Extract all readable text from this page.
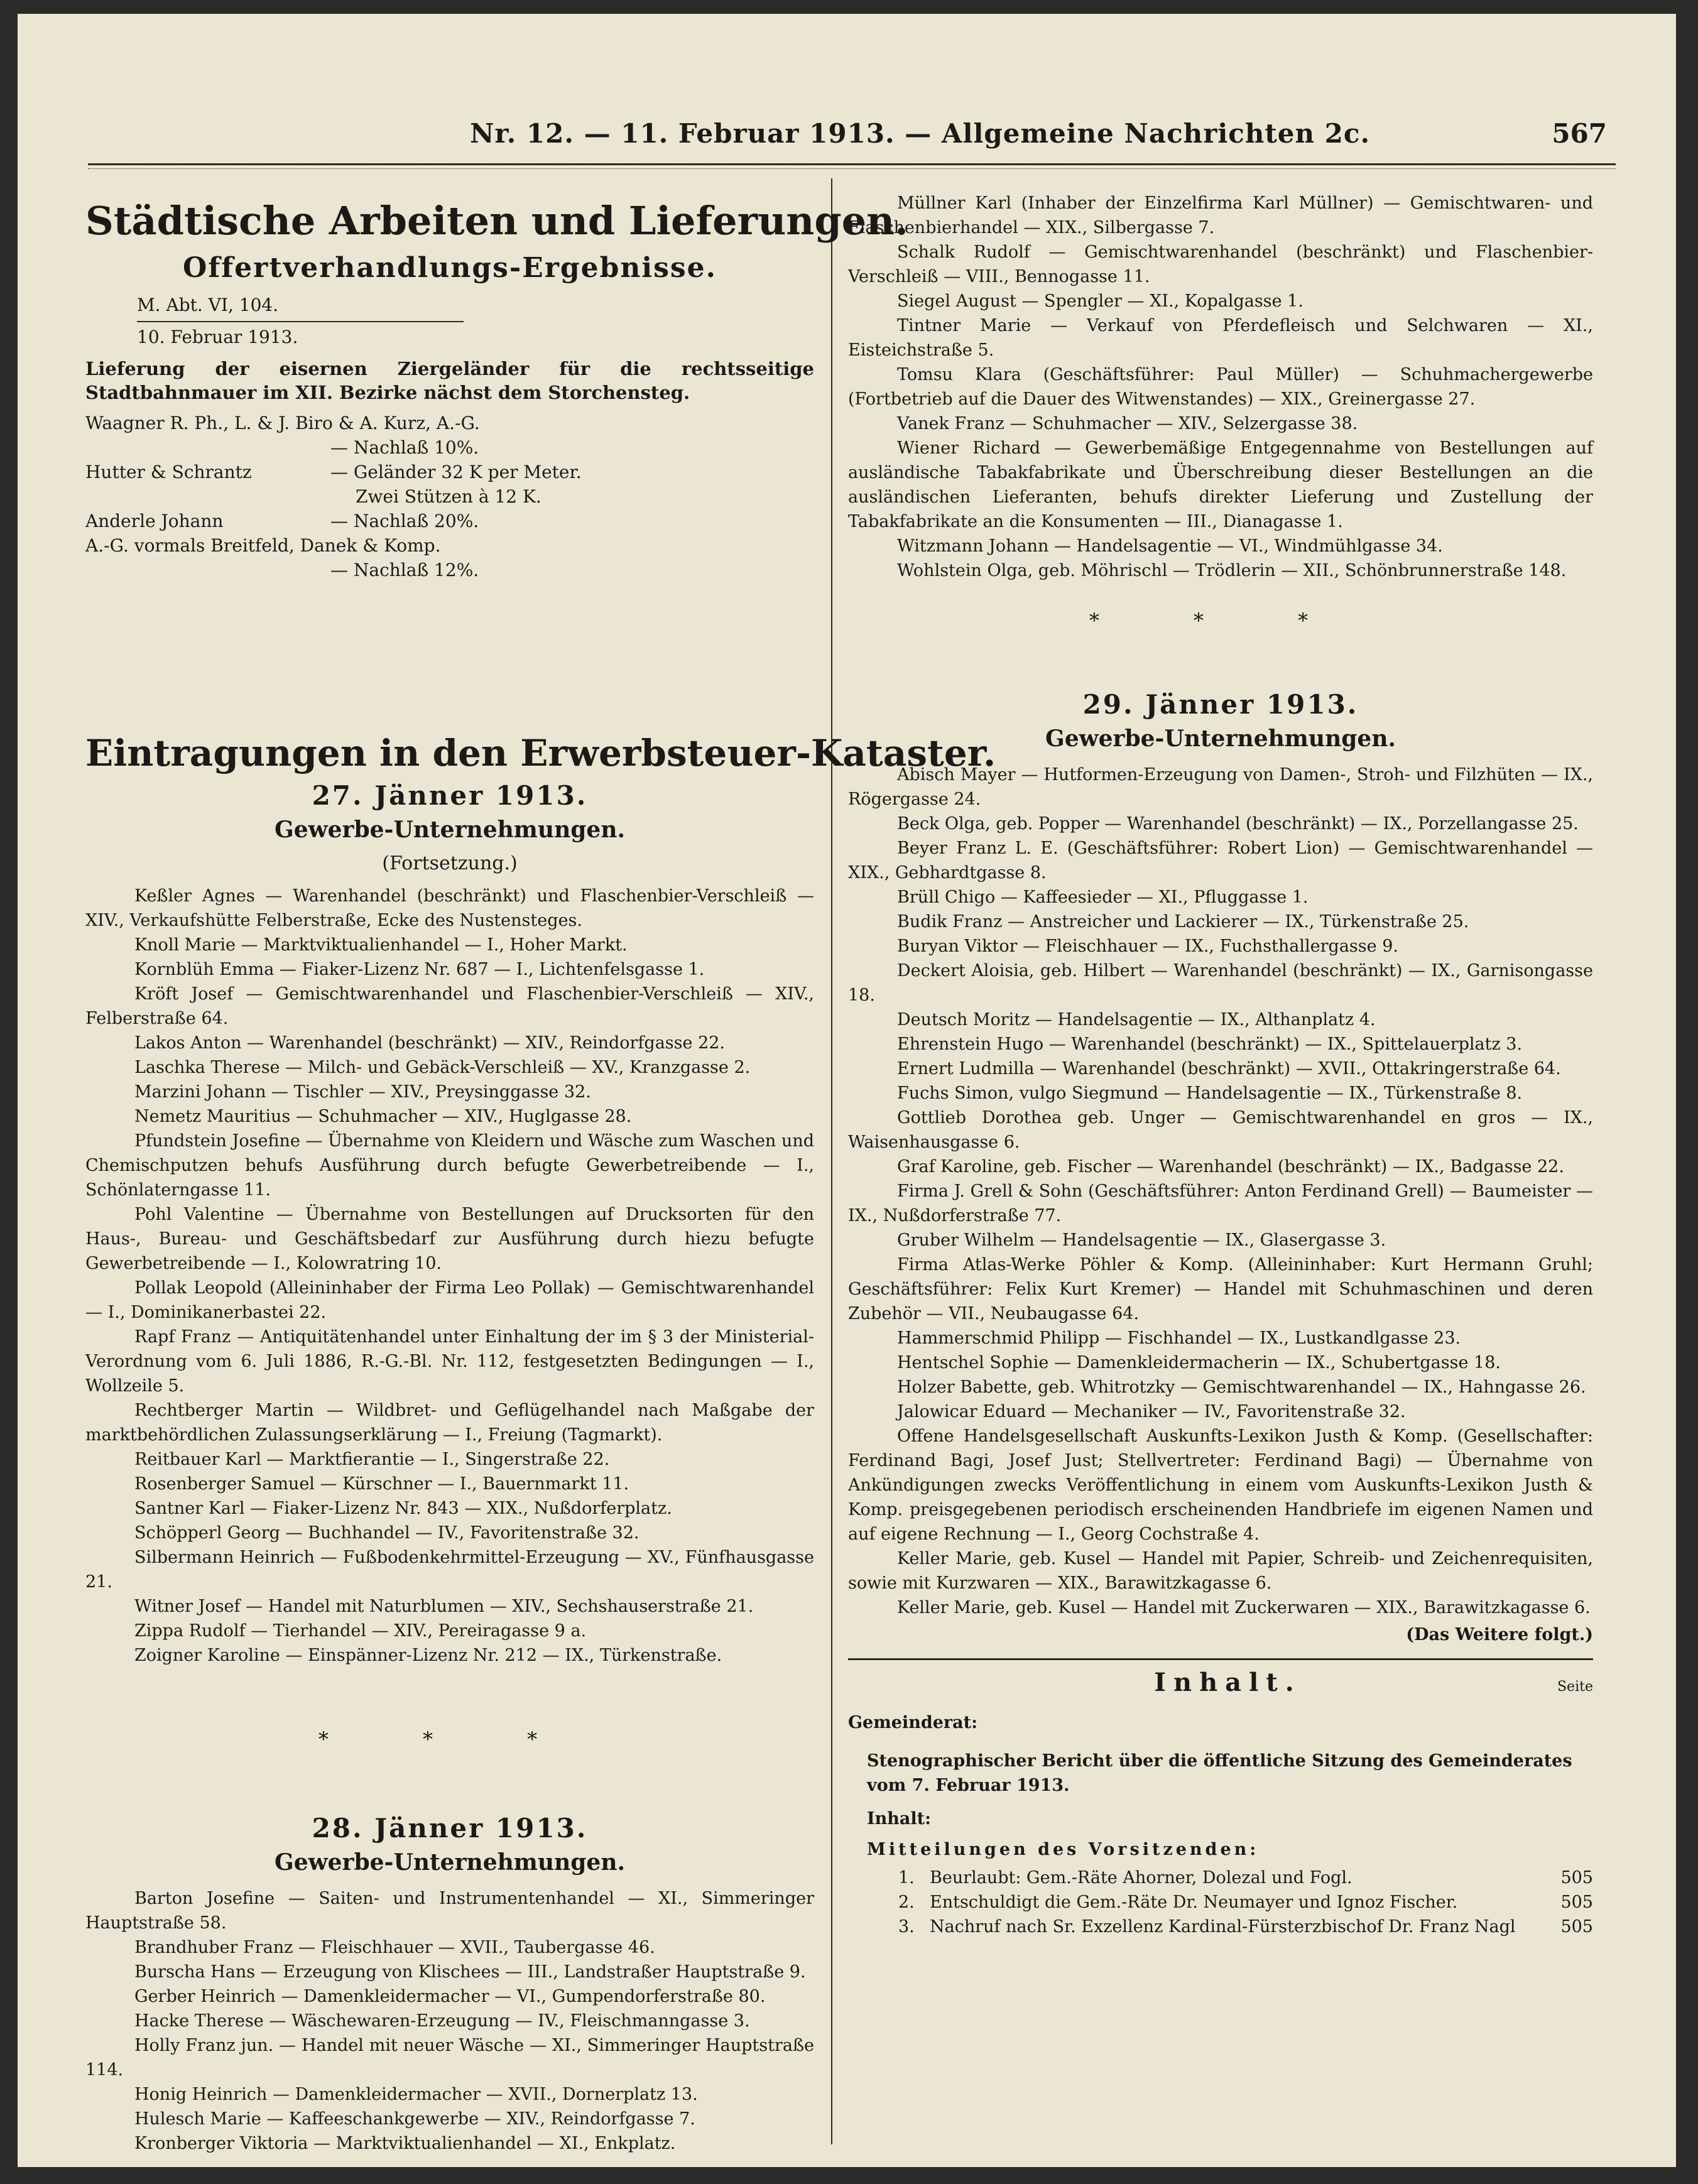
Nr. 12. — 11. Februar 1913. — Allgemeine Nachrichten 2c.	567
Städtische Arbeiten und Lieferungen.
Offertverhandlungs-Ergebnisse.

M. Abt. VI, 104.

10. Februar 1913.

Lieferung der eisernen Ziergeländer für die rechtsseitige Stadtbahnmauer im XII. Bezirke nächst dem Storchensteg.

Waagner R. Ph., L. & J. Biro & A. Kurz, A.-G.
— Nachlaß 10%.
Hutter & Schrantz	— Geländer 32 K per Meter.
Zwei Stützen à 12 K.
Anderle Johann	— Nachlaß 20%.
A.-G. vormals Breitfeld, Danek & Komp.
— Nachlaß 12%.
Eintragungen in den Erwerbsteuer-Kataster.
27. Jänner 1913.
Gewerbe-Unternehmungen.
(Fortsetzung.)

Keßler Agnes — Warenhandel (beschränkt) und Flaschenbier-Verschleiß — XIV., Verkaufshütte Felberstraße, Ecke des Nustensteges.

Knoll Marie — Marktviktualienhandel — I., Hoher Markt.

Kornblüh Emma — Fiaker-Lizenz Nr. 687 — I., Lichtenfelsgasse 1.

Kröft Josef — Gemischtwarenhandel und Flaschenbier-Verschleiß — XIV., Felberstraße 64.

Lakos Anton — Warenhandel (beschränkt) — XIV., Reindorfgasse 22.

Laschka Therese — Milch- und Gebäck-Verschleiß — XV., Kranzgasse 2.

Marzini Johann — Tischler — XIV., Preysinggasse 32.

Nemetz Mauritius — Schuhmacher — XIV., Huglgasse 28.

Pfundstein Josefine — Übernahme von Kleidern und Wäsche zum Waschen und Chemischputzen behufs Ausführung durch befugte Gewerbetreibende — I., Schönlaterngasse 11.

Pohl Valentine — Übernahme von Bestellungen auf Drucksorten für den Haus-, Bureau- und Geschäftsbedarf zur Ausführung durch hiezu befugte Gewerbetreibende — I., Kolowratring 10.

Pollak Leopold (Alleininhaber der Firma Leo Pollak) — Gemischtwarenhandel — I., Dominikanerbastei 22.

Rapf Franz — Antiquitätenhandel unter Einhaltung der im § 3 der Ministerial-Verordnung vom 6. Juli 1886, R.-G.-Bl. Nr. 112, festgesetzten Bedingungen — I., Wollzeile 5.

Rechtberger Martin — Wildbret- und Geflügelhandel nach Maßgabe der marktbehördlichen Zulassungserklärung — I., Freiung (Tagmarkt).

Reitbauer Karl — Marktfierantie — I., Singerstraße 22.

Rosenberger Samuel — Kürschner — I., Bauernmarkt 11.

Santner Karl — Fiaker-Lizenz Nr. 843 — XIX., Nußdorferplatz.

Schöpperl Georg — Buchhandel — IV., Favoritenstraße 32.

Silbermann Heinrich — Fußbodenkehrmittel-Erzeugung — XV., Fünfhausgasse 21.

Witner Josef — Handel mit Naturblumen — XIV., Sechshauserstraße 21.

Zippa Rudolf — Tierhandel — XIV., Pereiragasse 9 a.

Zoigner Karoline — Einspänner-Lizenz Nr. 212 — IX., Türkenstraße.

* * *
28. Jänner 1913.
Gewerbe-Unternehmungen.

Barton Josefine — Saiten- und Instrumentenhandel — XI., Simmeringer Hauptstraße 58.

Brandhuber Franz — Fleischhauer — XVII., Taubergasse 46.

Burscha Hans — Erzeugung von Klischees — III., Landstraßer Hauptstraße 9.

Gerber Heinrich — Damenkleidermacher — VI., Gumpendorferstraße 80.

Hacke Therese — Wäschewaren-Erzeugung — IV., Fleischmanngasse 3.

Holly Franz jun. — Handel mit neuer Wäsche — XI., Simmeringer Hauptstraße 114.

Honig Heinrich — Damenkleidermacher — XVII., Dornerplatz 13.

Hulesch Marie — Kaffeeschankgewerbe — XIV., Reindorfgasse 7.

Kronberger Viktoria — Marktviktualienhandel — XI., Enkplatz.

Müllner Karl (Inhaber der Einzelfirma Karl Müllner) — Gemischtwaren- und Flaschenbierhandel — XIX., Silbergasse 7.

Schalk Rudolf — Gemischtwarenhandel (beschränkt) und Flaschenbier-Verschleiß — VIII., Bennogasse 11.

Siegel August — Spengler — XI., Kopalgasse 1.

Tintner Marie — Verkauf von Pferdefleisch und Selchwaren — XI., Eisteichstraße 5.

Tomsu Klara (Geschäftsführer: Paul Müller) — Schuhmachergewerbe (Fortbetrieb auf die Dauer des Witwenstandes) — XIX., Greinergasse 27.

Vanek Franz — Schuhmacher — XIV., Selzergasse 38.

Wiener Richard — Gewerbemäßige Entgegennahme von Bestellungen auf ausländische Tabakfabrikate und Überschreibung dieser Bestellungen an die ausländischen Lieferanten, behufs direkter Lieferung und Zustellung der Tabakfabrikate an die Konsumenten — III., Dianagasse 1.

Witzmann Johann — Handelsagentie — VI., Windmühlgasse 34.

Wohlstein Olga, geb. Möhrischl — Trödlerin — XII., Schönbrunnerstraße 148.

* * *
29. Jänner 1913.
Gewerbe-Unternehmungen.

Abisch Mayer — Hutformen-Erzeugung von Damen-, Stroh- und Filzhüten — IX., Rögergasse 24.

Beck Olga, geb. Popper — Warenhandel (beschränkt) — IX., Porzellangasse 25.

Beyer Franz L. E. (Geschäftsführer: Robert Lion) — Gemischtwarenhandel — XIX., Gebhardtgasse 8.

Brüll Chigo — Kaffeesieder — XI., Pfluggasse 1.

Budik Franz — Anstreicher und Lackierer — IX., Türkenstraße 25.

Buryan Viktor — Fleischhauer — IX., Fuchsthallergasse 9.

Deckert Aloisia, geb. Hilbert — Warenhandel (beschränkt) — IX., Garnisongasse 18.

Deutsch Moritz — Handelsagentie — IX., Althanplatz 4.

Ehrenstein Hugo — Warenhandel (beschränkt) — IX., Spittelauerplatz 3.

Ernert Ludmilla — Warenhandel (beschränkt) — XVII., Ottakringerstraße 64.

Fuchs Simon, vulgo Siegmund — Handelsagentie — IX., Türkenstraße 8.

Gottlieb Dorothea geb. Unger — Gemischtwarenhandel en gros — IX., Waisenhausgasse 6.

Graf Karoline, geb. Fischer — Warenhandel (beschränkt) — IX., Badgasse 22.

Firma J. Grell & Sohn (Geschäftsführer: Anton Ferdinand Grell) — Baumeister — IX., Nußdorferstraße 77.

Gruber Wilhelm — Handelsagentie — IX., Glasergasse 3.

Firma Atlas-Werke Pöhler & Komp. (Alleininhaber: Kurt Hermann Gruhl; Geschäftsführer: Felix Kurt Kremer) — Handel mit Schuhmaschinen und deren Zubehör — VII., Neubaugasse 64.

Hammerschmid Philipp — Fischhandel — IX., Lustkandlgasse 23.

Hentschel Sophie — Damenkleidermacherin — IX., Schubertgasse 18.

Holzer Babette, geb. Whitrotzky — Gemischtwarenhandel — IX., Hahngasse 26.

Jalowicar Eduard — Mechaniker — IV., Favoritenstraße 32.

Offene Handelsgesellschaft Auskunfts-Lexikon Justh & Komp. (Gesellschafter: Ferdinand Bagi, Josef Just; Stellvertreter: Ferdinand Bagi) — Übernahme von Ankündigungen zwecks Veröffentlichung in einem vom Auskunfts-Lexikon Justh & Komp. preisgegebenen periodisch erscheinenden Handbriefe im eigenen Namen und auf eigene Rechnung — I., Georg Cochstraße 4.

Keller Marie, geb. Kusel — Handel mit Papier, Schreib- und Zeichenrequisiten, sowie mit Kurzwaren — XIX., Barawitzkagasse 6.

Keller Marie, geb. Kusel — Handel mit Zuckerwaren — XIX., Barawitzkagasse 6.

(Das Weitere folgt.)

Inhalt.	Seite

Gemeinderat:

Stenographischer Bericht über die öffentliche Sitzung des Gemeinderates vom 7. Februar 1913.

Inhalt:

Mitteilungen des Vorsitzenden:

1. Beurlaubt: Gem.-Räte Ahorner, Dolezal und Fogl.	505
2. Entschuldigt die Gem.-Räte Dr. Neumayer und Ignoz Fischer.	505
3. Nachruf nach Sr. Exzellenz Kardinal-Fürsterzbischof Dr. Franz Nagl	505
